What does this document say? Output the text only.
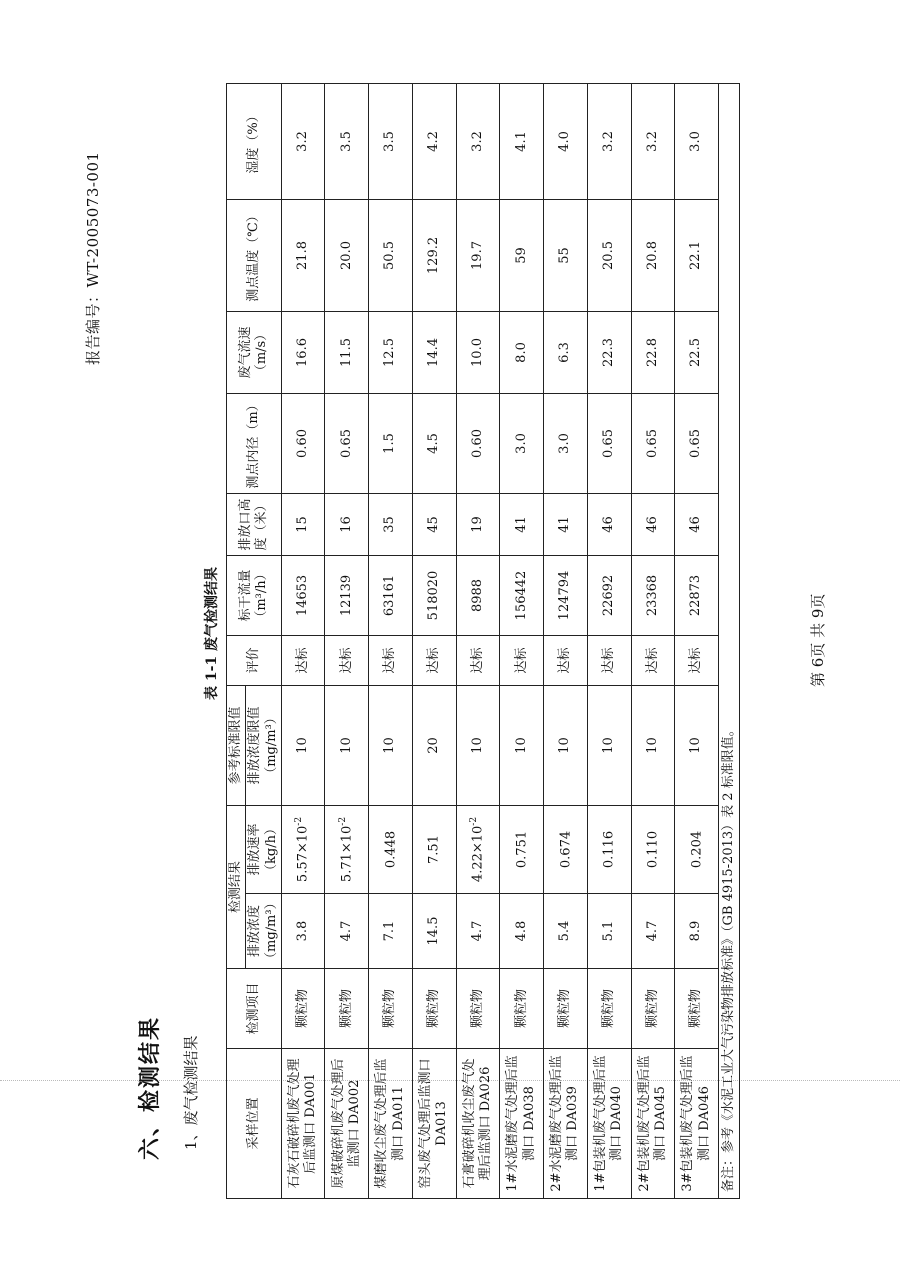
报告编号：WT-2005073-001
六、检测结果 1、废气检测结果
表 1-1 废气检测结果	第 6页 共 9页
采样位置	检测项目	检测结果		参考标准限值	评价	标干流量（m³/h）	排放口高度（米）	测点内径（m）	废气流速（m/s）	测点温度（℃）	湿度（%）
		排放浓度（mg/m³）	排放速率（kg/h）	排放浓度限值（mg/m³）							
石灰石破碎机废气处理后监测口 DA001	颗粒物	3.8	$5.57\times 10^{-2}$	10	达标	14653	15	0.60	16.6	21.8	3.2
原煤破碎机废气处理后监测口 DA002	颗粒物	4.7	$5.71\times 10^{-2}$	10	达标	12139	16	0.65	11.5	20.0	3.5
煤磨收尘废气处理后监测口 DA011	颗粒物	7.1	0.448	10	达标	63161	35	1.5	12.5	50.5	3.5
窑头废气处理后监测口 DA013	颗粒物	14.5	7.51	20	达标	518020	45	4.5	14.4	129.2	4.2
石膏破碎机收尘废气处理后监测口 DA026	颗粒物	4.7	$4.22\times 10^{-2}$	10	达标	8988	19	0.60	10.0	19.7	3.2
1#水泥磨废气处理后监测口 DA038	颗粒物	4.8	0.751	10	达标	156442	41	3.0	8.0	59	4.1
2#水泥磨废气处理后监测口 DA039	颗粒物	5.4	0.674	10	达标	124794	41	3.0	6.3	55	4.0
1#包装机废气处理后监测口 DA040	颗粒物	5.1	0.116	10	达标	22692	46	0.65	22.3	20.5	3.2
2#包装机废气处理后监测口 DA045	颗粒物	4.7	0.110	10	达标	23368	46	0.65	22.8	20.8	3.2
3#包装机废气处理后监测口 DA046	颗粒物	8.9	0.204	10	达标	22873	46	0.65	22.5	22.1	3.0
备注：参考《水泥工业大气污染物排放标准》（GB 4915-2013）表 2 标准限值。											
